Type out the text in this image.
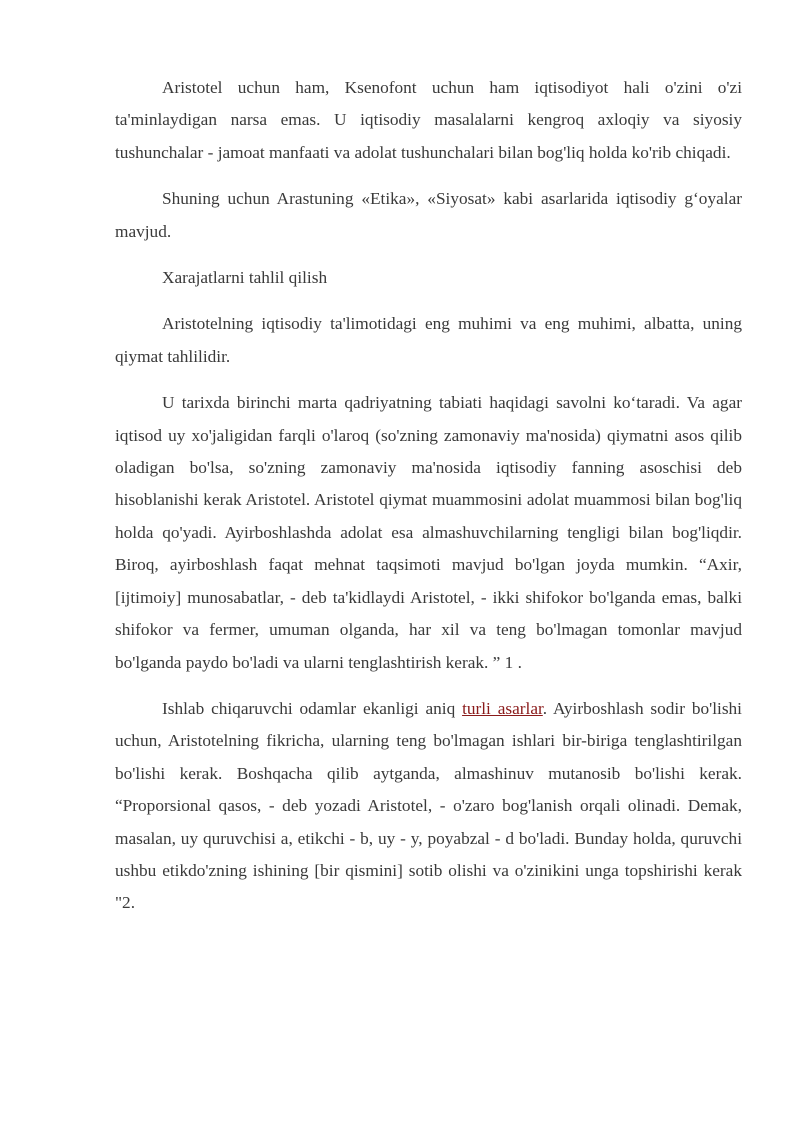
Aristotel uchun ham, Ksenofont uchun ham iqtisodiyot hali o'zini o'zi ta'minlaydigan narsa emas. U iqtisodiy masalalarni kengroq axloqiy va siyosiy tushunchalar - jamoat manfaati va adolat tushunchalari bilan bog'liq holda ko'rib chiqadi.

Shuning uchun Arastuning «Etika», «Siyosat» kabi asarlarida iqtisodiy g‘oyalar mavjud.

Xarajatlarni tahlil qilish

Aristotelning iqtisodiy ta'limotidagi eng muhimi va eng muhimi, albatta, uning qiymat tahlilidir.

U tarixda birinchi marta qadriyatning tabiati haqidagi savolni ko‘taradi. Va agar iqtisod uy xo'jaligidan farqli o'laroq (so'zning zamonaviy ma'nosida) qiymatni asos qilib oladigan bo'lsa, so'zning zamonaviy ma'nosida iqtisodiy fanning asoschisi deb hisoblanishi kerak Aristotel. Aristotel qiymat muammosini adolat muammosi bilan bog'liq holda qo'yadi. Ayirboshlashda adolat esa almashuvchilarning tengligi bilan bog'liqdir. Biroq, ayirboshlash faqat mehnat taqsimoti mavjud bo'lgan joyda mumkin. “Axir, [ijtimoiy] munosabatlar, - deb ta'kidlaydi Aristotel, - ikki shifokor bo'lganda emas, balki shifokor va fermer, umuman olganda, har xil va teng bo'lmagan tomonlar mavjud bo'lganda paydo bo'ladi va ularni tenglashtirish kerak. ” 1 .

Ishlab chiqaruvchi odamlar ekanligi aniq turli asarlar. Ayirboshlash sodir bo'lishi uchun, Aristotelning fikricha, ularning teng bo'lmagan ishlari bir-biriga tenglashtirilgan bo'lishi kerak. Boshqacha qilib aytganda, almashinuv mutanosib bo'lishi kerak. “Proporsional qasos, - deb yozadi Aristotel, - o'zaro bog'lanish orqali olinadi. Demak, masalan, uy quruvchisi a, etikchi - b, uy - y, poyabzal - d bo'ladi. Bunday holda, quruvchi ushbu etikdo'zning ishining [bir qismini] sotib olishi va o'zinikini unga topshirishi kerak "2.
